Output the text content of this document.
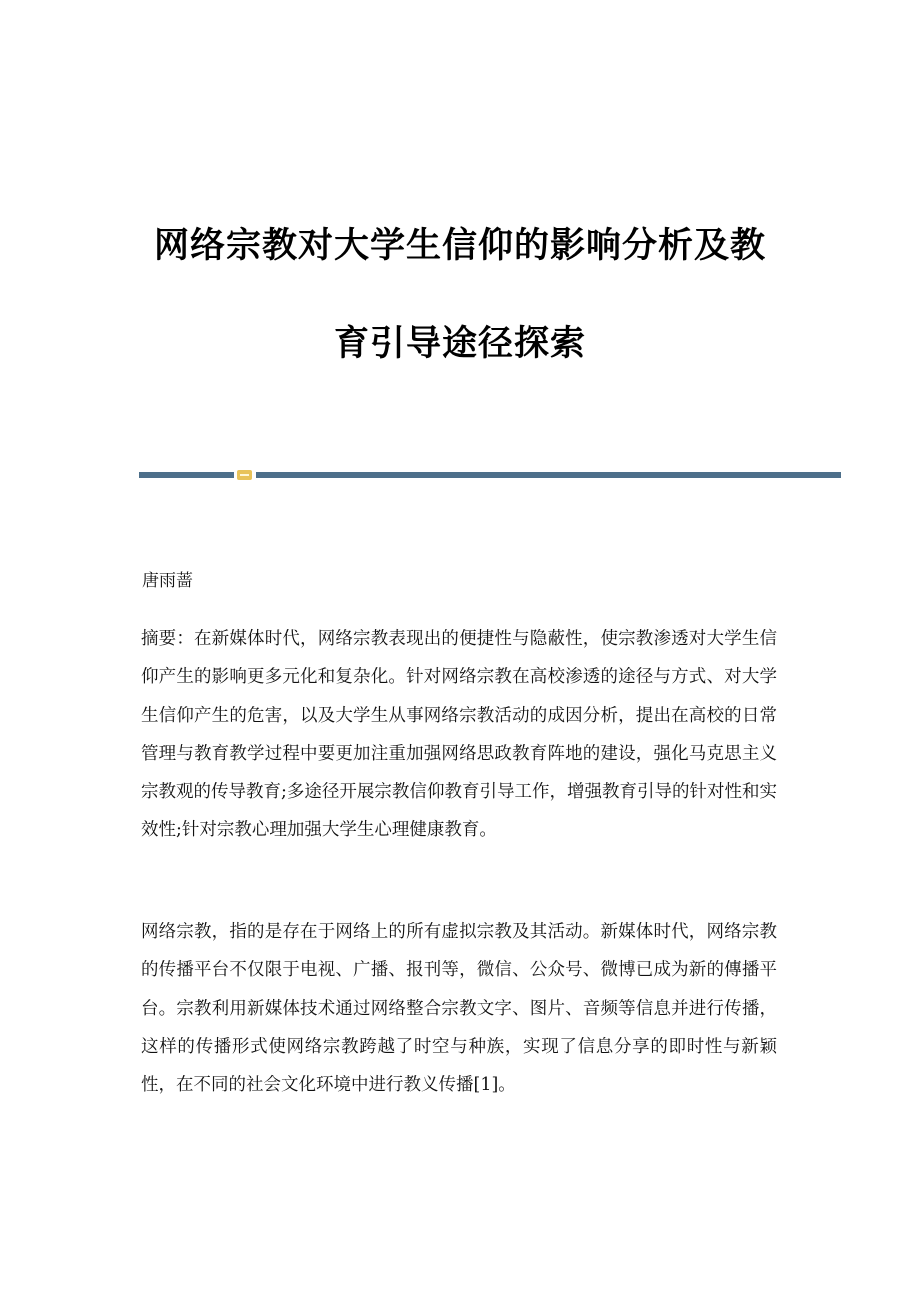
网络宗教对大学生信仰的影响分析及教
育引导途径探索
唐雨蔷

摘要：在新媒体时代，网络宗教表现出的便捷性与隐蔽性，使宗教渗透对大学生信仰产生的影响更多元化和复杂化。针对网络宗教在高校渗透的途径与方式、对大学生信仰产生的危害，以及大学生从事网络宗教活动的成因分析，提出在高校的日常管理与教育教学过程中要更加注重加强网络思政教育阵地的建设，强化马克思主义宗教观的传导教育;多途径开展宗教信仰教育引导工作，增强教育引导的针对性和实效性;针对宗教心理加强大学生心理健康教育。

网络宗教，指的是存在于网络上的所有虚拟宗教及其活动。新媒体时代，网络宗教的传播平台不仅限于电视、广播、报刊等，微信、公众号、微博已成为新的傳播平台。宗教利用新媒体技术通过网络整合宗教文字、图片、音频等信息并进行传播，这样的传播形式使网络宗教跨越了时空与种族，实现了信息分享的即时性与新颖性，在不同的社会文化环境中进行教义传播[1]。
